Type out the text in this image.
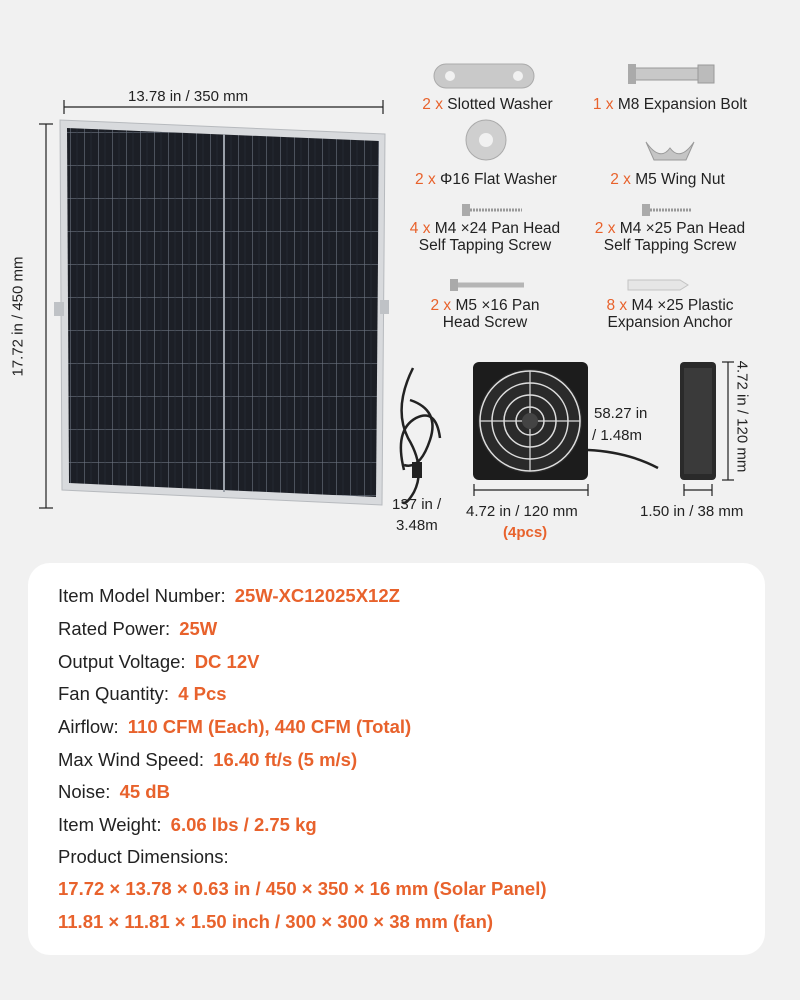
13.78 in / 350 mm
17.72 in / 450 mm
137 in /
3.48m
58.27 in
/ 1.48m
4.72 in / 120 mm
(4pcs)
4.72 in / 120 mm
1.50 in / 38 mm
2 x Slotted Washer	1 x M8 Expansion Bolt
2 x Φ16 Flat Washer	2 x M5 Wing Nut
4 x M4 ×24 Pan Head
Self Tapping Screw
2 x M4 ×25 Pan Head
Self Tapping Screw
2 x M5 ×16 Pan
Head Screw
8 x M4 ×25 Plastic
Expansion Anchor
Item Model Number: 25W-XC12025X12Z
Rated Power: 25W
Output Voltage: DC 12V
Fan Quantity: 4 Pcs
Airflow: 110 CFM (Each), 440 CFM (Total)
Max Wind Speed: 16.40 ft/s (5 m/s)
Noise: 45 dB
Item Weight: 6.06 lbs / 2.75 kg
Product Dimensions:
17.72 × 13.78 × 0.63 in / 450 × 350 × 16 mm (Solar Panel)
11.81 × 11.81 × 1.50 inch / 300 × 300 × 38 mm (fan)
